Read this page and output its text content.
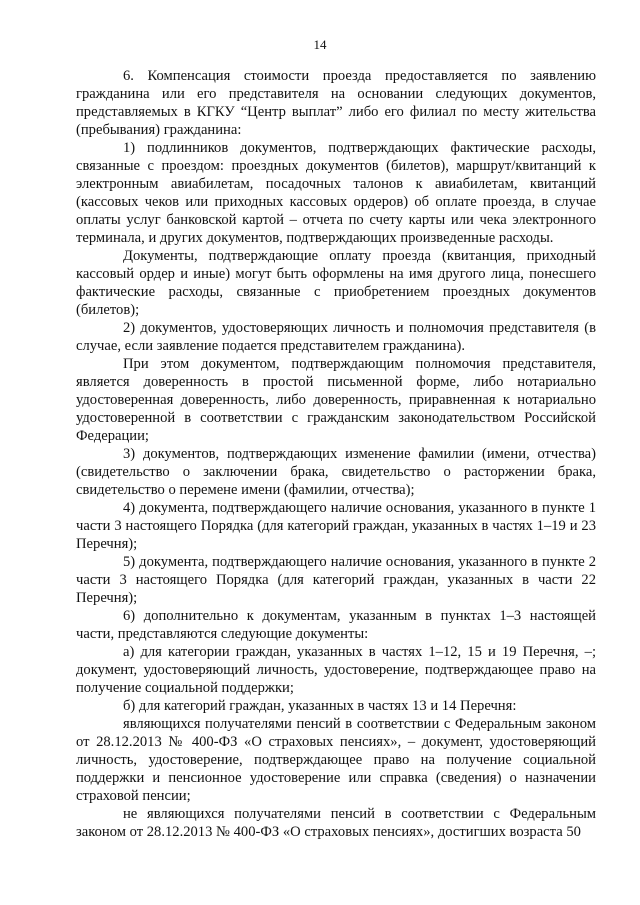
14

6. Компенсация стоимости проезда предоставляется по заявлению гражданина или его представителя на основании следующих документов, представляемых в КГКУ “Центр выплат” либо его филиал по месту жительства (пребывания) гражданина:

1) подлинников документов, подтверждающих фактические расходы, связанные с проездом: проездных документов (билетов), маршрут/квитанций к электронным авиабилетам, посадочных талонов к авиабилетам, квитанций (кассовых чеков или приходных кассовых ордеров) об оплате проезда, в случае оплаты услуг банковской картой – отчета по счету карты или чека электронного терминала, и других документов, подтверждающих произведенные расходы.

Документы, подтверждающие оплату проезда (квитанция, приходный кассовый ордер и иные) могут быть оформлены на имя другого лица, понесшего фактические расходы, связанные с приобретением проездных документов (билетов);

2) документов, удостоверяющих личность и полномочия представителя (в случае, если заявление подается представителем гражданина).

При этом документом, подтверждающим полномочия представителя, является доверенность в простой письменной форме, либо нотариально удостоверенная доверенность, либо доверенность, приравненная к нотариально удостоверенной в соответствии с гражданским законодательством Российской Федерации;

3) документов, подтверждающих изменение фамилии (имени, отчества) (свидетельство о заключении брака, свидетельство о расторжении брака, свидетельство о перемене имени (фамилии, отчества);

4) документа, подтверждающего наличие основания, указанного в пункте 1 части 3 настоящего Порядка (для категорий граждан, указанных в частях 1–19 и 23 Перечня);

5) документа, подтверждающего наличие основания, указанного в пункте 2 части 3 настоящего Порядка (для категорий граждан, указанных в части 22 Перечня);

6) дополнительно к документам, указанным в пунктах 1–3 настоящей части, представляются следующие документы:

а) для категории граждан, указанных в частях 1–12, 15 и 19 Перечня, –; документ, удостоверяющий личность, удостоверение, подтверждающее право на получение социальной поддержки;

б) для категорий граждан, указанных в частях 13 и 14 Перечня:

являющихся получателями пенсий в соответствии с Федеральным законом от 28.12.2013 № 400-ФЗ «О страховых пенсиях», – документ, удостоверяющий личность, удостоверение, подтверждающее право на получение социальной поддержки и пенсионное удостоверение или справка (сведения) о назначении страховой пенсии;

не являющихся получателями пенсий в соответствии с Федеральным законом от 28.12.2013 № 400-ФЗ «О страховых пенсиях», достигших возраста 50
